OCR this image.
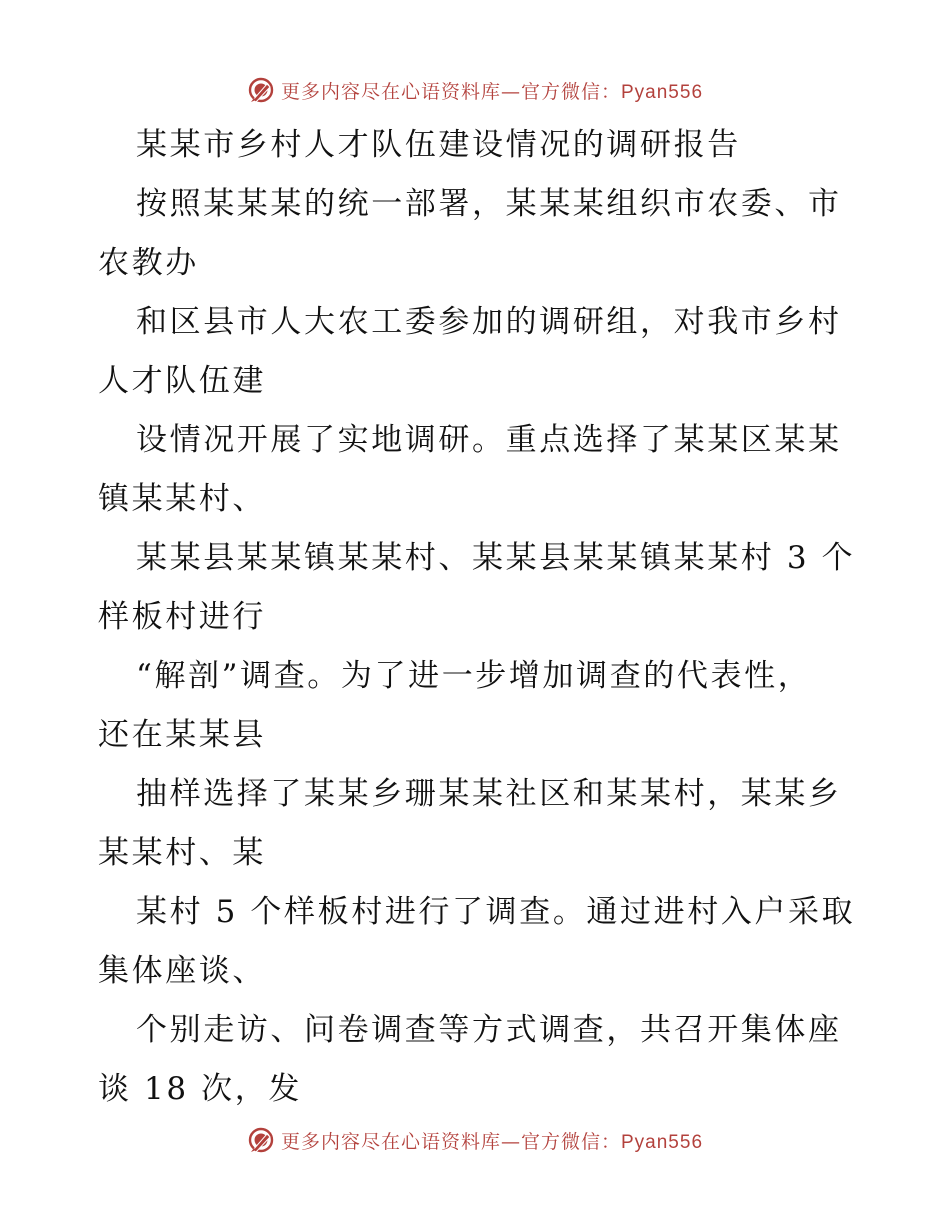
更多内容尽在心语资料库—官方微信：Pyan556
某某市乡村人才队伍建设情况的调研报告
按照某某某的统一部署，某某某组织市农委、市
农教办
和区县市人大农工委参加的调研组，对我市乡村
人才队伍建
设情况开展了实地调研。重点选择了某某区某某
镇某某村、
某某县某某镇某某村、某某县某某镇某某村 3 个
样板村进行
“解剖”调查。为了进一步增加调查的代表性，
还在某某县
抽样选择了某某乡珊某某社区和某某村，某某乡
某某村、某
某村 5 个样板村进行了调查。通过进村入户采取
集体座谈、
个别走访、问卷调查等方式调查，共召开集体座
谈 18 次，发
更多内容尽在心语资料库—官方微信：Pyan556
